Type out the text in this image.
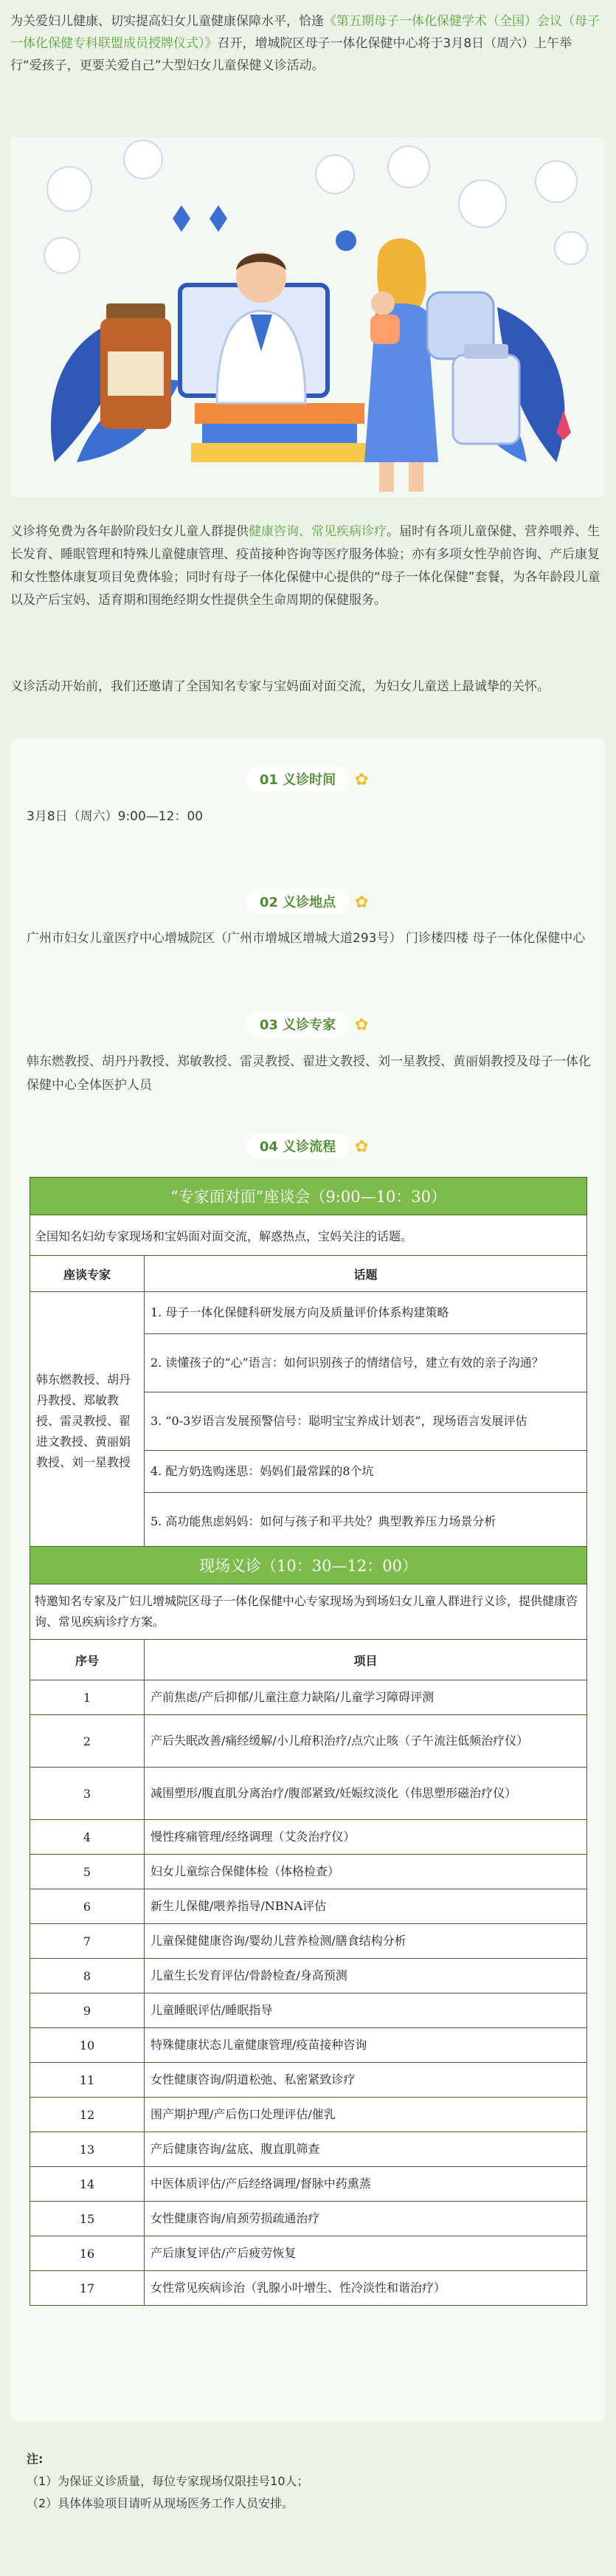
为关爱妇儿健康、切实提高妇女儿童健康保障水平，恰逢《第五期母子一体化保健学术（全国）会议（母子一体化保健专科联盟成员授牌仪式）》召开，增城院区母子一体化保健中心将于3月8日（周六）上午举行“爱孩子，更要关爱自己”大型妇女儿童保健义诊活动。
义诊将免费为各年龄阶段妇女儿童人群提供健康咨询、常见疾病诊疗。届时有各项儿童保健、营养喂养、生长发育、睡眠管理和特殊儿童健康管理、疫苗接种咨询等医疗服务体验；亦有多项女性孕前咨询、产后康复和女性整体康复项目免费体验；同时有母子一体化保健中心提供的“母子一体化保健”套餐，为各年龄段儿童以及产后宝妈、适育期和围绝经期女性提供全生命周期的保健服务。
义诊活动开始前，我们还邀请了全国知名专家与宝妈面对面交流，为妇女儿童送上最诚挚的关怀。
01 义诊时间 ✿
3月8日（周六）9:00—12：00
02 义诊地点 ✿
广州市妇女儿童医疗中心增城院区（广州市增城区增城大道293号） 门诊楼四楼 母子一体化保健中心
03 义诊专家 ✿
韩东燃教授、胡丹丹教授、郑敏教授、雷灵教授、翟进文教授、刘一星教授、黄丽娟教授及母子一体化保健中心全体医护人员
04 义诊流程 ✿
“专家面对面”座谈会（9:00—10：30）	
全国知名妇幼专家现场和宝妈面对面交流，解惑热点，宝妈关注的话题。	
座谈专家	话题
韩东燃教授、胡丹丹教授、郑敏教授、雷灵教授、翟进文教授、黄丽娟教授、刘一星教授	1. 母子一体化保健科研发展方向及质量评价体系构建策略
	2. 读懂孩子的“心”语言：如何识别孩子的情绪信号，建立有效的亲子沟通？
	3. “0-3岁语言发展预警信号：聪明宝宝养成计划表”，现场语言发展评估
	4. 配方奶选购迷思：妈妈们最常踩的8个坑
	5. 高功能焦虑妈妈：如何与孩子和平共处？典型教养压力场景分析
现场义诊（10：30—12：00）	
特邀知名专家及广妇儿增城院区母子一体化保健中心专家现场为到场妇女儿童人群进行义诊，提供健康咨询、常见疾病诊疗方案。	
序号	项目
1	产前焦虑/产后抑郁/儿童注意力缺陷/儿童学习障碍评测
2	产后失眠改善/痛经缓解/小儿疳积治疗/点穴止咳（子午流注低频治疗仪）
3	减围塑形/腹直肌分离治疗/腹部紧致/妊娠纹淡化（伟思塑形磁治疗仪）
4	慢性疼痛管理/经络调理（艾灸治疗仪）
5	妇女儿童综合保健体检（体格检查）
6	新生儿保健/喂养指导/NBNA评估
7	儿童保健健康咨询/婴幼儿营养检测/膳食结构分析
8	儿童生长发育评估/骨龄检查/身高预测
9	儿童睡眠评估/睡眠指导
10	特殊健康状态儿童健康管理/疫苗接种咨询
11	女性健康咨询/阴道松弛、私密紧致诊疗
12	围产期护理/产后伤口处理评估/催乳
13	产后健康咨询/盆底、腹直肌筛查
14	中医体质评估/产后经络调理/督脉中药熏蒸
15	女性健康咨询/肩颈劳损疏通治疗
16	产后康复评估/产后疲劳恢复
17	女性常见疾病诊治（乳腺小叶增生、性冷淡性和谐治疗）
注:
（1）为保证义诊质量，每位专家现场仅限挂号10人；
（2）具体体验项目请听从现场医务工作人员安排。
